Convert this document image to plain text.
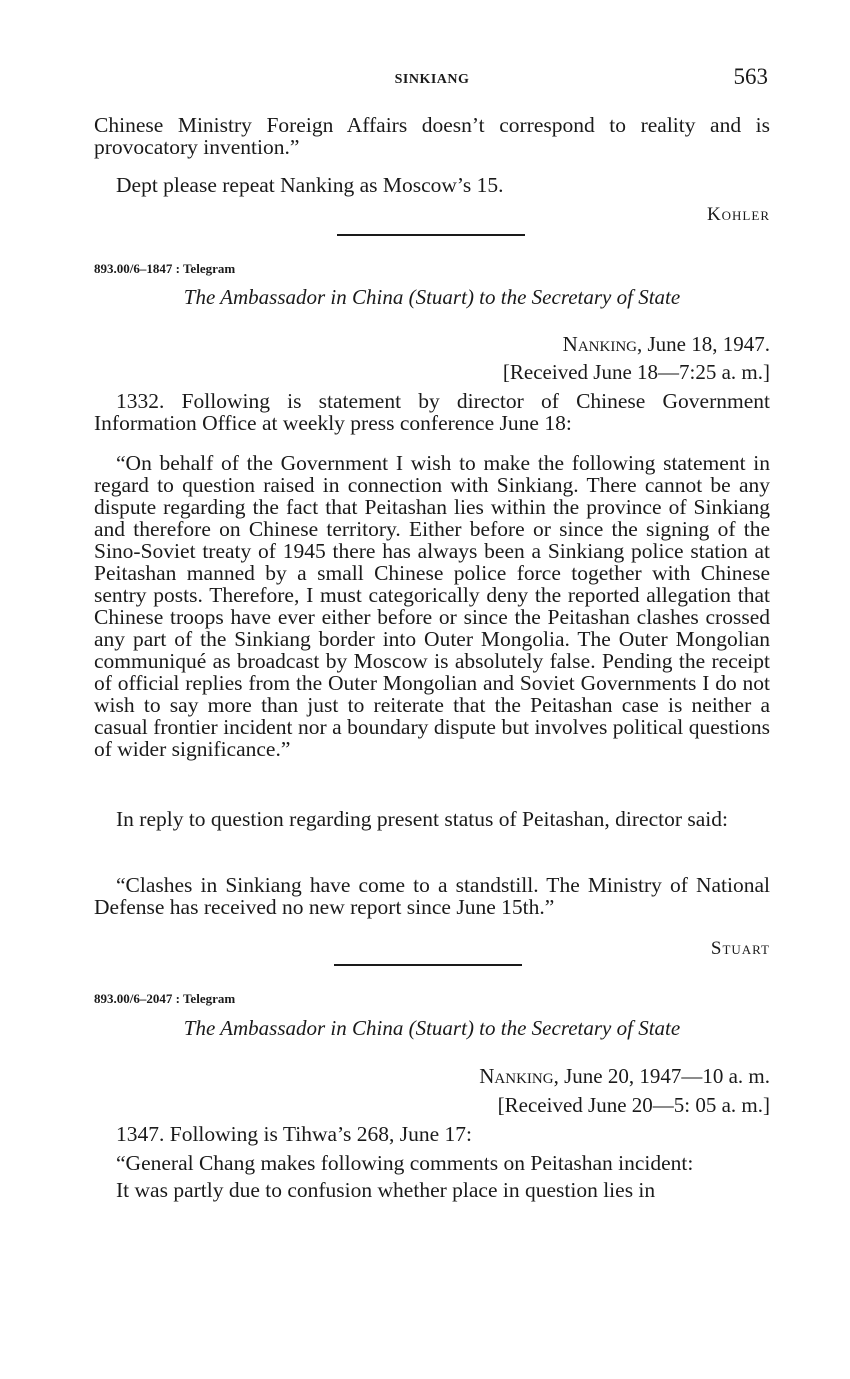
SINKIANG	563

Chinese Ministry Foreign Affairs doesn’t correspond to reality and is provocatory invention.”

Dept please repeat Nanking as Moscow’s 15.

Kohler
893.00/6–1847 : Telegram
The Ambassador in China (Stuart) to the Secretary of State
Nanking, June 18, 1947.
[Received June 18—7:25 a. m.]

1332. Following is statement by director of Chinese Government Information Office at weekly press conference June 18:

“On behalf of the Government I wish to make the following statement in regard to question raised in connection with Sinkiang. There cannot be any dispute regarding the fact that Peitashan lies within the province of Sinkiang and therefore on Chinese territory. Either before or since the signing of the Sino-Soviet treaty of 1945 there has always been a Sinkiang police station at Peitashan manned by a small Chinese police force together with Chinese sentry posts. Therefore, I must categorically deny the reported allegation that Chinese troops have ever either before or since the Peitashan clashes crossed any part of the Sinkiang border into Outer Mongolia. The Outer Mongolian communiqué as broadcast by Moscow is absolutely false. Pending the receipt of official replies from the Outer Mongolian and Soviet Governments I do not wish to say more than just to reiterate that the Peitashan case is neither a casual frontier incident nor a boundary dispute but involves political questions of wider significance.”

In reply to question regarding present status of Peitashan, director said:

“Clashes in Sinkiang have come to a standstill. The Ministry of National Defense has received no new report since June 15th.”

Stuart
893.00/6–2047 : Telegram
The Ambassador in China (Stuart) to the Secretary of State
Nanking, June 20, 1947—10 a. m.
[Received June 20—5: 05 a. m.]

1347. Following is Tihwa’s 268, June 17:

“General Chang makes following comments on Peitashan incident:

It was partly due to confusion whether place in question lies in
